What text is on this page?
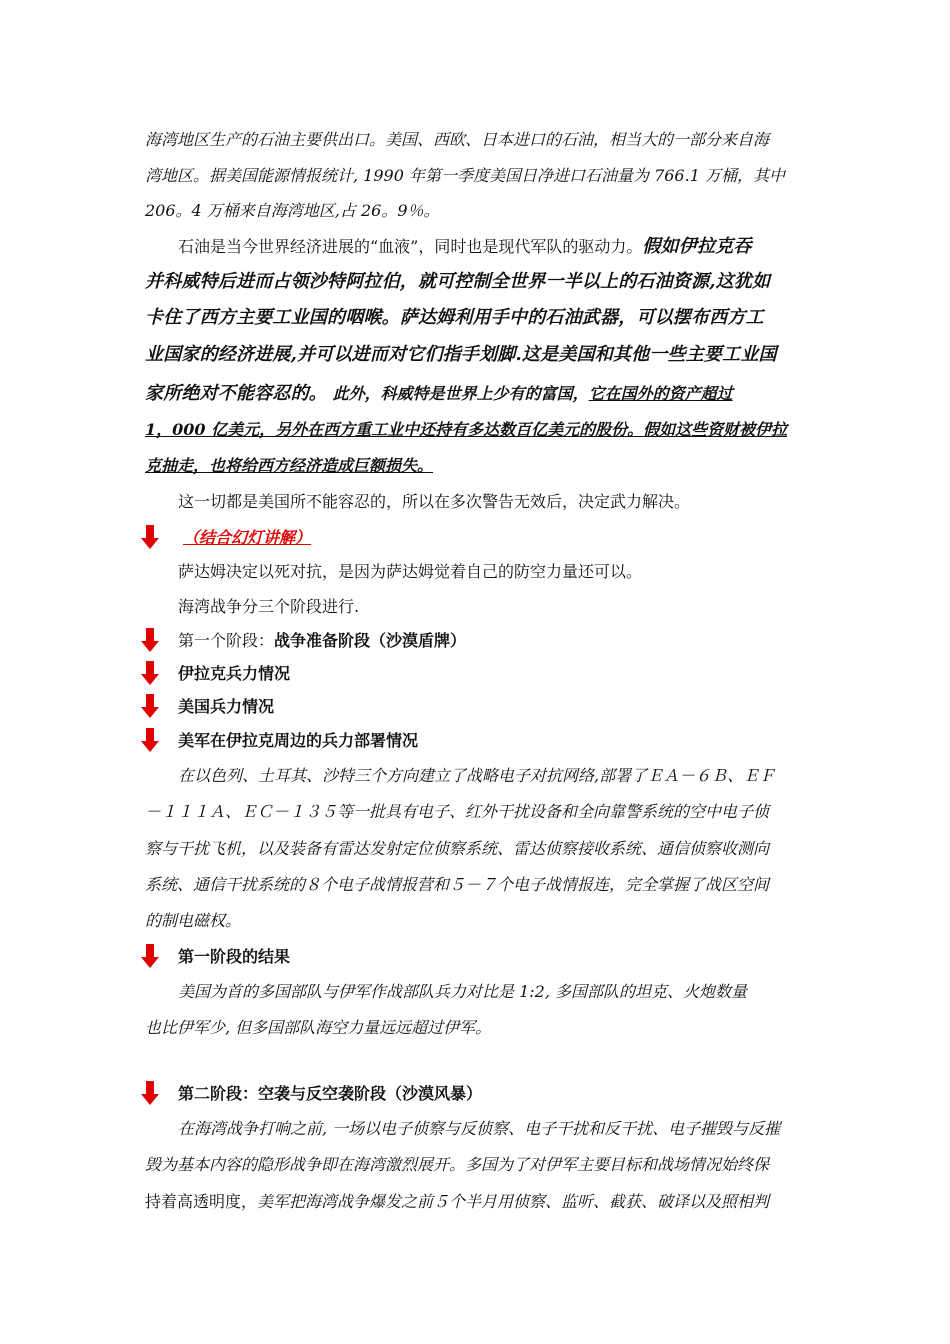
海湾地区生产的石油主要供出口。美国、西欧、日本进口的石油，相当大的一部分来自海
湾地区。据美国能源情报统计, 1990 年第一季度美国日净进口石油量为 766.1 万桶，其中
206。4 万桶来自海湾地区,占 26。9％。
石油是当今世界经济进展的“血液”，同时也是现代军队的驱动力。假如伊拉克吞
并科威特后进而占领沙特阿拉伯，就可控制全世界一半以上的石油资源,这犹如
卡住了西方主要工业国的咽喉。萨达姆利用手中的石油武器，可以摆布西方工
业国家的经济进展,并可以进而对它们指手划脚.这是美国和其他一些主要工业国
家所绝对不能容忍的。 此外，科威特是世界上少有的富国，它在国外的资产超过
1，000 亿美元，另外在西方重工业中还持有多达数百亿美元的股份。假如这些资财被伊拉
克抽走，也将给西方经济造成巨额损失。
这一切都是美国所不能容忍的，所以在多次警告无效后，决定武力解决。
（结合幻灯讲解）
萨达姆决定以死对抗，是因为萨达姆觉着自己的防空力量还可以。
海湾战争分三个阶段进行.
第一个阶段：战争准备阶段（沙漠盾牌）
伊拉克兵力情况
美国兵力情况
美军在伊拉克周边的兵力部署情况
在以色列、土耳其、沙特三个方向建立了战略电子对抗网络,部署了ＥＡ－６Ｂ、ＥＦ
－１１１Ａ、ＥＣ－１３５等一批具有电子、红外干扰设备和全向靠警系统的空中电子侦
察与干扰飞机，以及装备有雷达发射定位侦察系统、雷达侦察接收系统、通信侦察收测向
系统、通信干扰系统的８个电子战情报营和５－７个电子战情报连，完全掌握了战区空间
的制电磁权。
第一阶段的结果
美国为首的多国部队与伊军作战部队兵力对比是 1:2, 多国部队的坦克、火炮数量
也比伊军少, 但多国部队海空力量远远超过伊军。
第二阶段：空袭与反空袭阶段（沙漠风暴）
在海湾战争打响之前, 一场以电子侦察与反侦察、电子干扰和反干扰、电子摧毁与反摧
毁为基本内容的隐形战争即在海湾激烈展开。多国为了对伊军主要目标和战场情况始终保
持着高透明度，美军把海湾战争爆发之前５个半月用侦察、监听、截获、破译以及照相判
